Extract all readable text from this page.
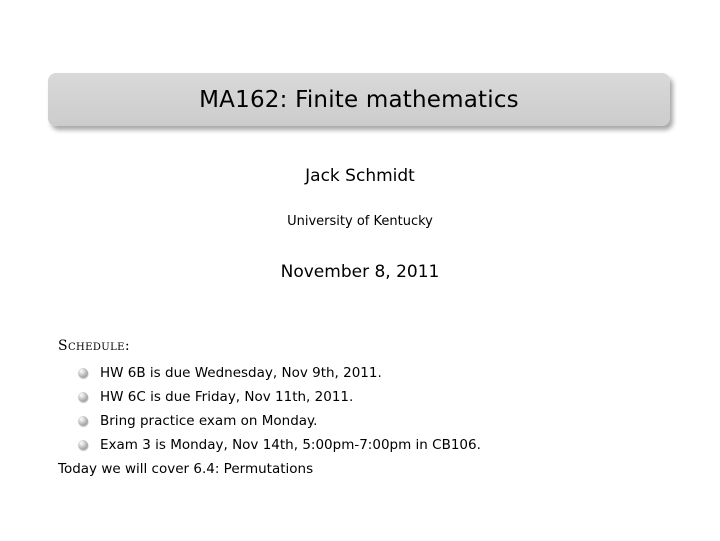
MA162: Finite mathematics
Jack Schmidt
University of Kentucky
November 8, 2011
Schedule:
HW 6B is due Wednesday, Nov 9th, 2011.
HW 6C is due Friday, Nov 11th, 2011.
Bring practice exam on Monday.
Exam 3 is Monday, Nov 14th, 5:00pm-7:00pm in CB106.
Today we will cover 6.4: Permutations
